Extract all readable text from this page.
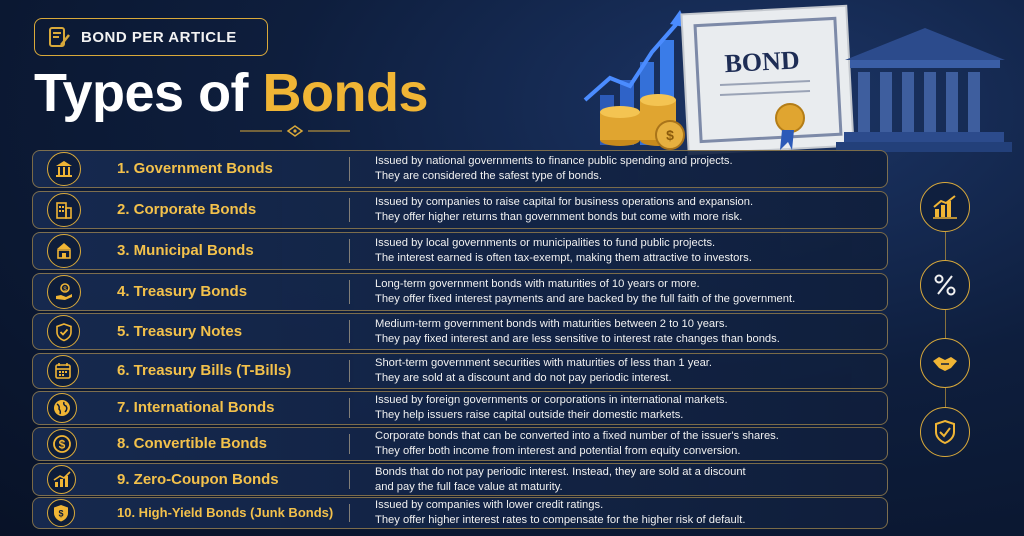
$
BOND
BOND PER ARTICLE
Types of Bonds
1. Government Bonds	Issued by national governments to finance public spending and projects.
They are considered the safest type of bonds.
2. Corporate Bonds	Issued by companies to raise capital for business operations and expansion.
They offer higher returns than government bonds but come with more risk.
3. Municipal Bonds	Issued by local governments or municipalities to fund public projects.
The interest earned is often tax-exempt, making them attractive to investors.
$	4. Treasury Bonds	Long-term government bonds with maturities of 10 years or more.
They offer fixed interest payments and are backed by the full faith of the government.
5. Treasury Notes	Medium-term government bonds with maturities between 2 to 10 years.
They pay fixed interest and are less sensitive to interest rate changes than bonds.
6. Treasury Bills (T-Bills)	Short-term government securities with maturities of less than 1 year.
They are sold at a discount and do not pay periodic interest.
7. International Bonds	Issued by foreign governments or corporations in international markets.
They help issuers raise capital outside their domestic markets.
$	8. Convertible Bonds	Corporate bonds that can be converted into a fixed number of the issuer's shares.
They offer both income from interest and potential from equity conversion.
9. Zero-Coupon Bonds	Bonds that do not pay periodic interest. Instead, they are sold at a discount
and pay the full face value at maturity.
$	10. High-Yield Bonds (Junk Bonds)	Issued by companies with lower credit ratings.
They offer higher interest rates to compensate for the higher risk of default.
